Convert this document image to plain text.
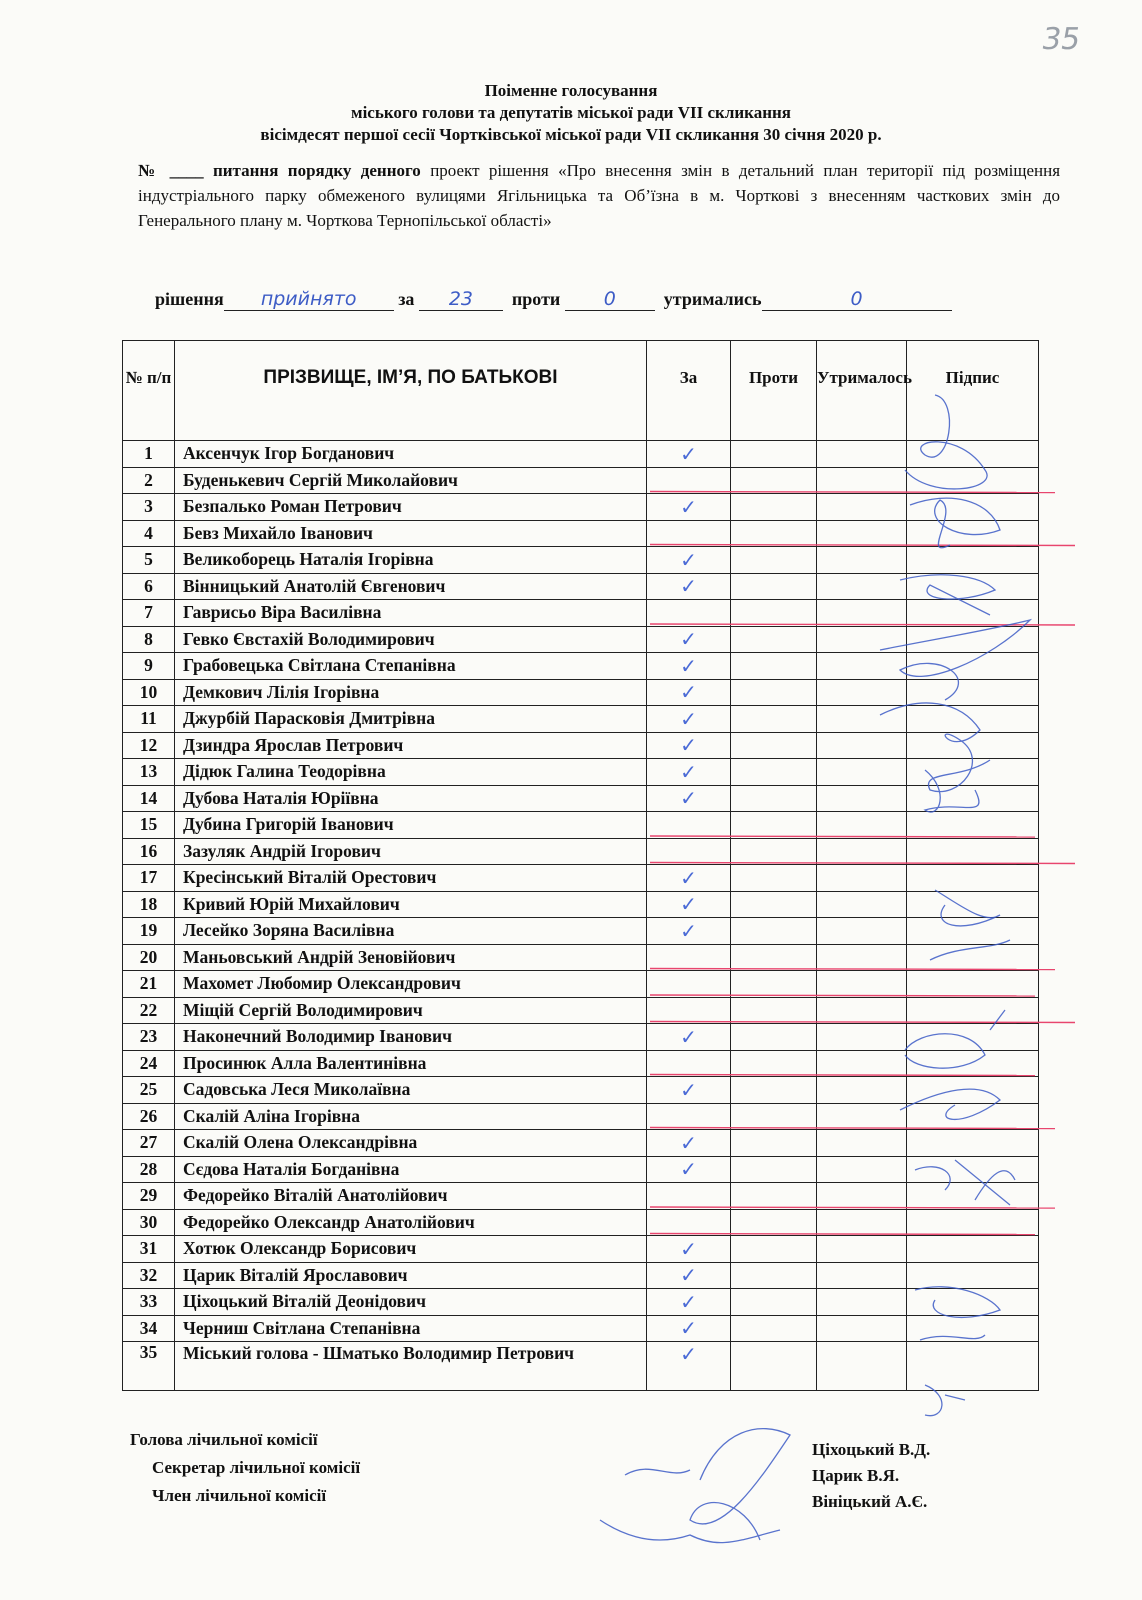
35
Поіменне голосування
міського голови та депутатів міської ради VII скликання
вісімдесят першої сесії Чортківської міської ради VII скликання 30 січня 2020 р.
№ ____ питання порядку денного проект рішення «Про внесення змін в детальний план території під розміщення індустріального парку обмеженого вулицями Ягільницька та Об’їзна в м. Чорткові з внесенням часткових змін до Генерального плану м. Чорткова Тернопільської області»
рішення прийнято за 23 проти 0	утримались	0
№ п/п	ПРІЗВИЩЕ, ІМ’Я, ПО БАТЬКОВІ	За	Проти	Утрималось	Підпис
1	Аксенчук Ігор Богданович	✓			
2	Буденькевич Сергій Миколайович				
3	Безпалько Роман Петрович	✓			
4	Бевз Михайло Іванович				
5	Великоборець Наталія Ігорівна	✓			
6	Вінницький Анатолій Євгенович	✓			
7	Гаврисьо Віра Василівна				
8	Гевко Євстахій Володимирович	✓			
9	Грабовецька Світлана Степанівна	✓			
10	Демкович Лілія Ігорівна	✓			
11	Джурбій Парасковія Дмитрівна	✓			
12	Дзиндра Ярослав Петрович	✓			
13	Дідюк Галина Теодорівна	✓			
14	Дубова Наталія Юріївна	✓			
15	Дубина Григорій Іванович				
16	Зазуляк Андрій Ігорович				
17	Кресінський Віталій Орестович	✓			
18	Кривий Юрій Михайлович	✓			
19	Лесейко Зоряна Василівна	✓			
20	Маньовський Андрій Зеновійович				
21	Махомет Любомир Олександрович				
22	Міщій Сергій Володимирович				
23	Наконечний Володимир Іванович	✓			
24	Просинюк Алла Валентинівна				
25	Садовська Леся Миколаївна	✓			
26	Скалій Аліна Ігорівна				
27	Скалій Олена Олександрівна	✓			
28	Сєдова Наталія Богданівна	✓			
29	Федорейко Віталій Анатолійович				
30	Федорейко Олександр Анатолійович				
31	Хотюк Олександр Борисович	✓			
32	Царик Віталій Ярославович	✓			
33	Ціхоцький Віталій Деонідович	✓			
34	Черниш Світлана Степанівна	✓			
35	Міський голова - Шматько Володимир Петрович	✓			
Голова лічильної комісії
Секретар лічильної комісії
Член лічильної комісії
Ціхоцький В.Д.
Царик В.Я.
Вініцький А.Є.
